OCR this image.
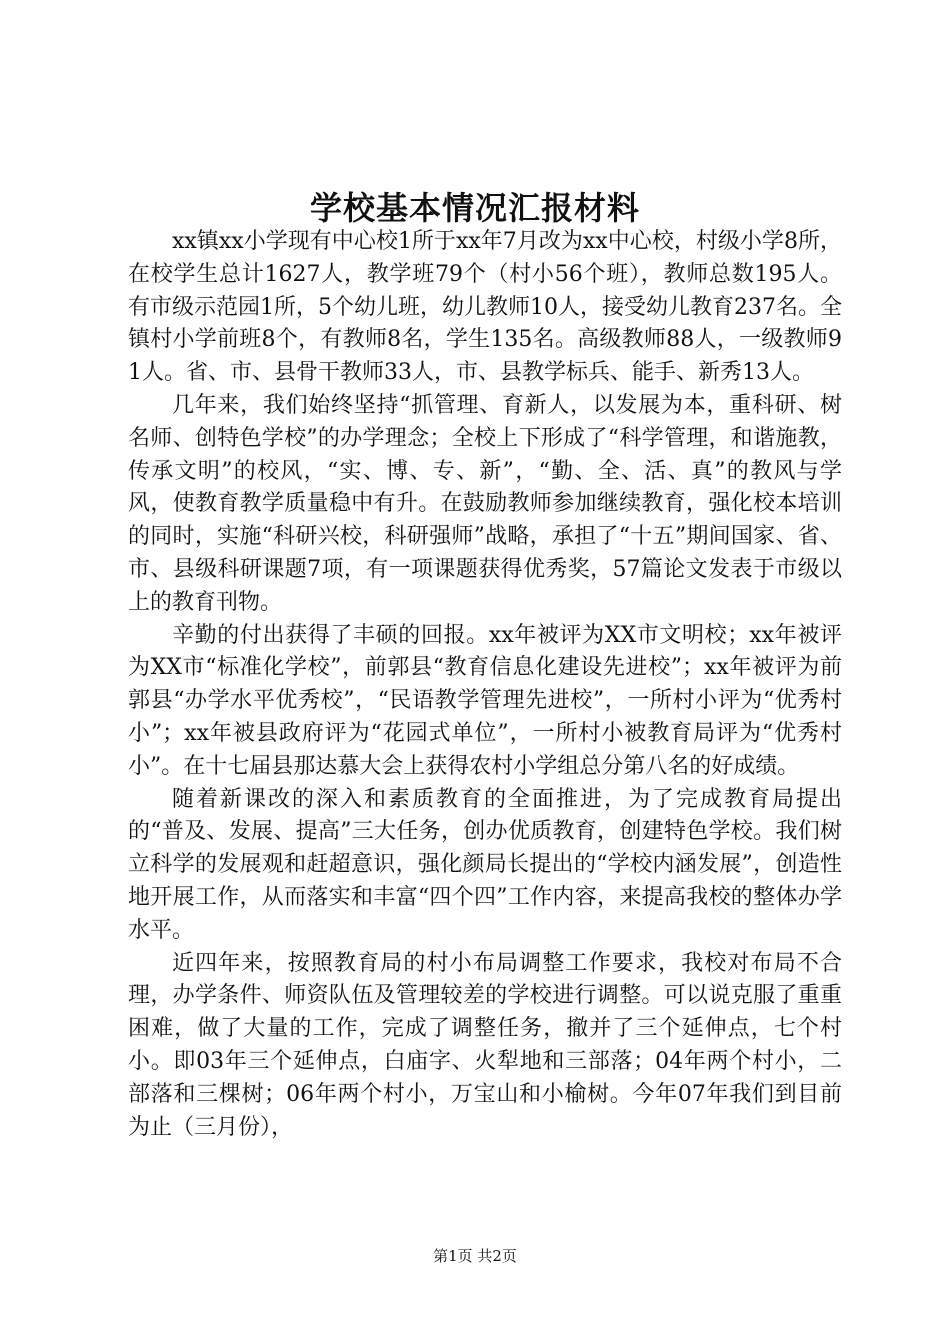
学校基本情况汇报材料

xx镇xx小学现有中心校1所于xx年7月改为xx中心校，村级小学8所，在校学生总计1627人，教学班79个（村小56个班），教师总数195人。有市级示范园1所，5个幼儿班，幼儿教师10人，接受幼儿教育237名。全镇村小学前班8个，有教师8名，学生135名。高级教师88人，一级教师91人。省、市、县骨干教师33人，市、县教学标兵、能手、新秀13人。

几年来，我们始终坚持“抓管理、育新人，以发展为本，重科研、树名师、创特色学校”的办学理念；全校上下形成了“科学管理，和谐施教，传承文明”的校风，“实、博、专、新”，“勤、全、活、真”的教风与学风，使教育教学质量稳中有升。在鼓励教师参加继续教育，强化校本培训的同时，实施“科研兴校，科研强师”战略，承担了“十五”期间国家、省、市、县级科研课题7项，有一项课题获得优秀奖，57篇论文发表于市级以上的教育刊物。

辛勤的付出获得了丰硕的回报。xx年被评为XX市文明校；xx年被评为XX市“标准化学校”，前郭县“教育信息化建设先进校”；xx年被评为前郭县“办学水平优秀校”，“民语教学管理先进校”，一所村小评为“优秀村小”；xx年被县政府评为“花园式单位”，一所村小被教育局评为“优秀村小”。在十七届县那达慕大会上获得农村小学组总分第八名的好成绩。

随着新课改的深入和素质教育的全面推进，为了完成教育局提出的“普及、发展、提高”三大任务，创办优质教育，创建特色学校。我们树立科学的发展观和赶超意识，强化颜局长提出的“学校内涵发展”，创造性地开展工作，从而落实和丰富“四个四”工作内容，来提高我校的整体办学水平。

近四年来，按照教育局的村小布局调整工作要求，我校对布局不合理，办学条件、师资队伍及管理较差的学校进行调整。可以说克服了重重困难，做了大量的工作，完成了调整任务，撤并了三个延伸点，七个村小。即03年三个延伸点，白庙字、火犁地和三部落；04年两个村小，二部落和三棵树；06年两个村小，万宝山和小榆树。今年07年我们到目前为止（三月份），

第1页 共2页
